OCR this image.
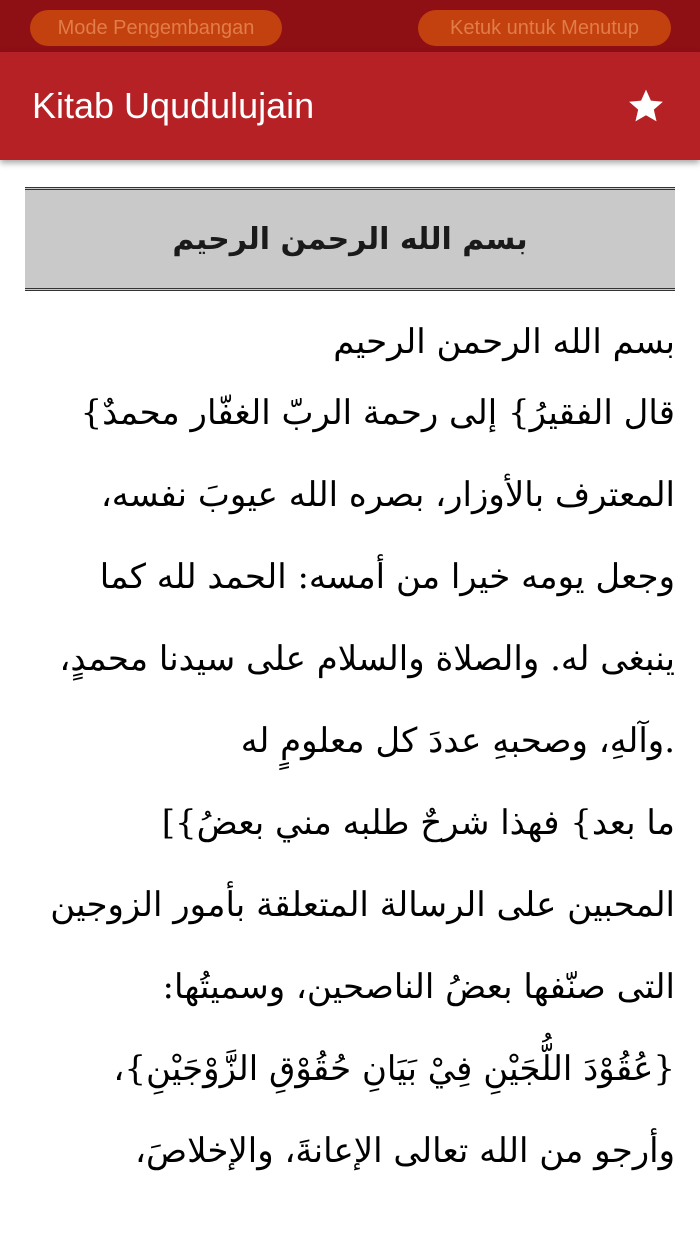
Mode Pengembangan	Ketuk untuk Menutup
Kitab Uqudulujain
بسم الله الرحمن الرحيم
بسم الله الرحمن الرحيم
قال الفقيرُ} إلى رحمة الربّ الغفّار محمدٌ}
المعترف بالأوزار، بصره الله عيوبَ نفسه،
وجعل يومه خيرا من أمسه: الحمد لله كما
ينبغى له. والصلاة والسلام على سيدنا محمدٍ،
.وآلهِ، وصحبهِ عددَ كل معلومٍ له
ما بعد} فهذا شرحٌ طلبه مني بعضُ}]
المحبين على الرسالة المتعلقة بأمور الزوجين
التى صنّفها بعضُ الناصحين، وسميتُها:
{عُقُوْدَ اللُّجَيْنِ فِيْ بَيَانِ حُقُوْقِ الزَّوْجَيْنِ}،
وأرجو من الله تعالى الإعانةَ، والإخلاصَ،
